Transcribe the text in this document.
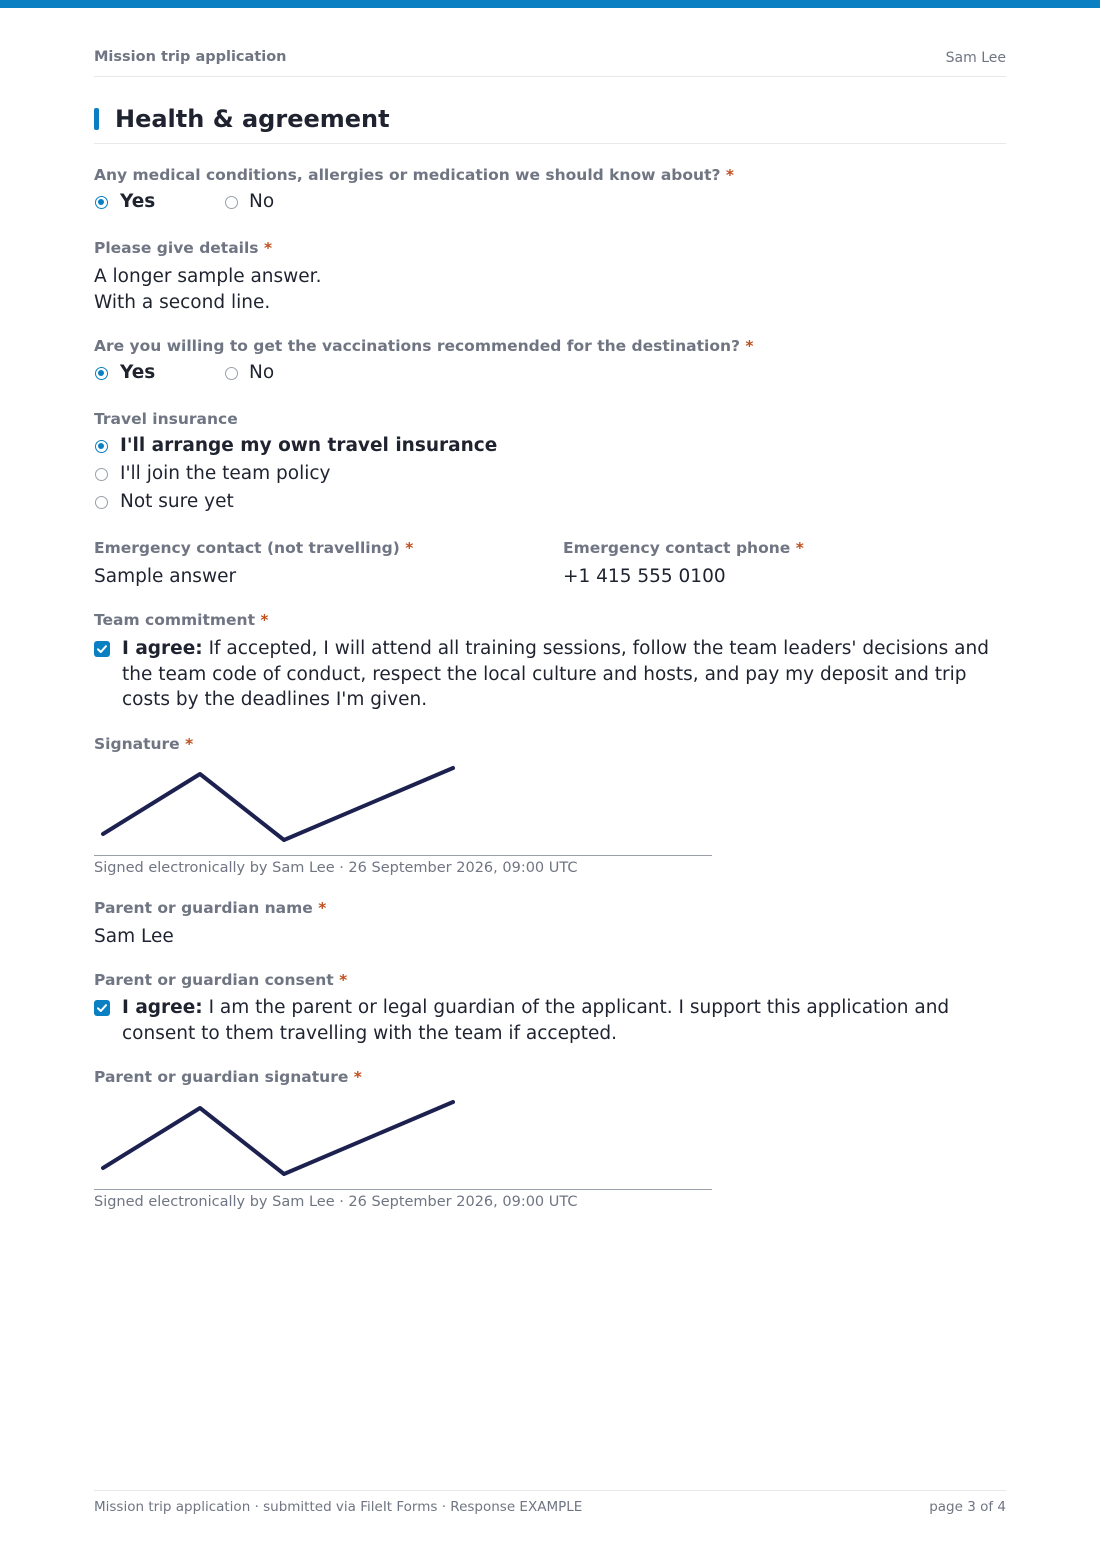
Mission trip application	Sam Lee
Health & agreement
Any medical conditions, allergies or medication we should know about? *
Yes	No
Please give details *
A longer sample answer.
With a second line.
Are you willing to get the vaccinations recommended for the destination? *
Yes	No
Travel insurance
I'll arrange my own travel insurance
I'll join the team policy
Not sure yet
Emergency contact (not travelling) *
Sample answer
Emergency contact phone *
+1 415 555 0100
Team commitment *
I agree: If accepted, I will attend all training sessions, follow the team leaders' decisions and the team code of conduct, respect the local culture and hosts, and pay my deposit and trip costs by the deadlines I'm given.
Signature *
Signed electronically by Sam Lee · 26 September 2026, 09:00 UTC
Parent or guardian name *
Sam Lee
Parent or guardian consent *
I agree: I am the parent or legal guardian of the applicant. I support this application and consent to them travelling with the team if accepted.
Parent or guardian signature *
Signed electronically by Sam Lee · 26 September 2026, 09:00 UTC
Mission trip application · submitted via FileIt Forms · Response EXAMPLE	page 3 of 4
